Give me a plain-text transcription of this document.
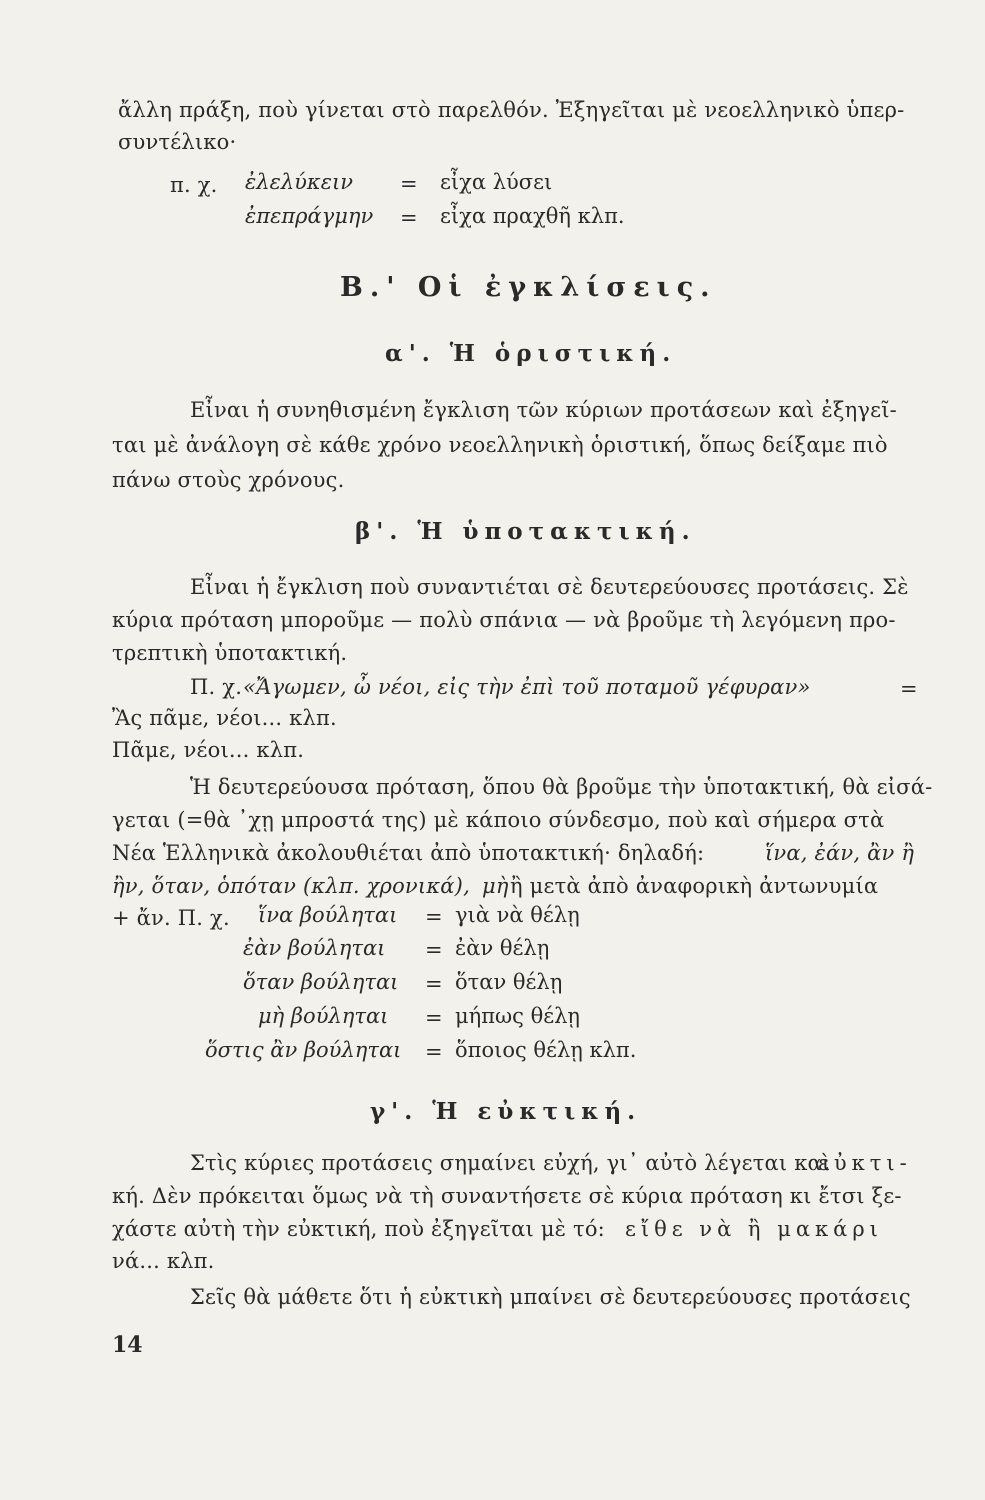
ἄλλη πράξη, ποὺ γίνεται στὸ παρελθόν. Ἐξηγεῖται μὲ νεοελληνικὸ ὑπερ-
συντέλικο·
π. χ. ἐλελύκειν = εἶχα λύσει
ἐπεπράγμην = εἶχα πραχθῆ κλπ.
B.' Οἱ ἐγκλίσεις.
α'. Ἡ ὁριστική.
Εἶναι ἡ συνηθισμένη ἔγκλιση τῶν κύριων προτάσεων καὶ ἐξηγεῖ-
ται μὲ ἀνάλογη σὲ κάθε χρόνο νεοελληνικὴ ὁριστική, ὅπως δείξαμε πιὸ
πάνω στοὺς χρόνους.
β'. Ἡ ὑποτακτική.
Εἶναι ἡ ἔγκλιση ποὺ συναντιέται σὲ δευτερεύουσες προτάσεις. Σὲ
κύρια πρόταση μποροῦμε — πολὺ σπάνια — νὰ βροῦμε τὴ λεγόμενη προ-
τρεπτικὴ ὑποτακτική.
Π. χ. «Ἄγωμεν, ὦ νέοι, εἰς τὴν ἐπὶ τοῦ ποταμοῦ γέφυραν»	=
Ἂς πᾶμε, νέοι... κλπ.
Πᾶμε, νέοι... κλπ.
Ἡ δευτερεύουσα πρόταση, ὅπου θὰ βροῦμε τὴν ὑποτακτική, θὰ εἰσά-
γεται (=θὰ ᾽χῃ μπροστά της) μὲ κάποιο σύνδεσμο, ποὺ καὶ σήμερα στὰ
Νέα Ἑλληνικὰ ἀκολουθιέται ἀπὸ ὑποτακτική· δηλαδή:	ἵνα, ἐάν, ἂν ἢ
ἢν, ὅταν, ὁπόταν (κλπ. χρονικά), μὴ ἢ μετὰ ἀπὸ ἀναφορικὴ ἀντωνυμία
+ ἄν. Π. χ. ἵνα βούληται = γιὰ νὰ θέλῃ
ἐὰν βούληται = ἐὰν θέλῃ
ὅταν βούληται = ὅταν θέλῃ
μὴ βούληται = μήπως θέλῃ
ὅστις ἂν βούληται = ὅποιος θέλῃ κλπ.
γ'. Ἡ εὐκτική.
Στὶς κύριες προτάσεις σημαίνει εὐχή, γι᾽ αὐτὸ λέγεται καὶ
εὐκτι-
κή. Δὲν πρόκειται ὅμως νὰ τὴ συναντήσετε σὲ κύρια πρόταση κι ἔτσι ξε-
χάστε αὐτὴ τὴν εὐκτική, ποὺ ἐξηγεῖται μὲ τό: εἴθε νὰ ἢ μακάρι
νά... κλπ.
Σεῖς θὰ μάθετε ὅτι ἡ εὐκτικὴ μπαίνει σὲ δευτερεύουσες προτάσεις
14
